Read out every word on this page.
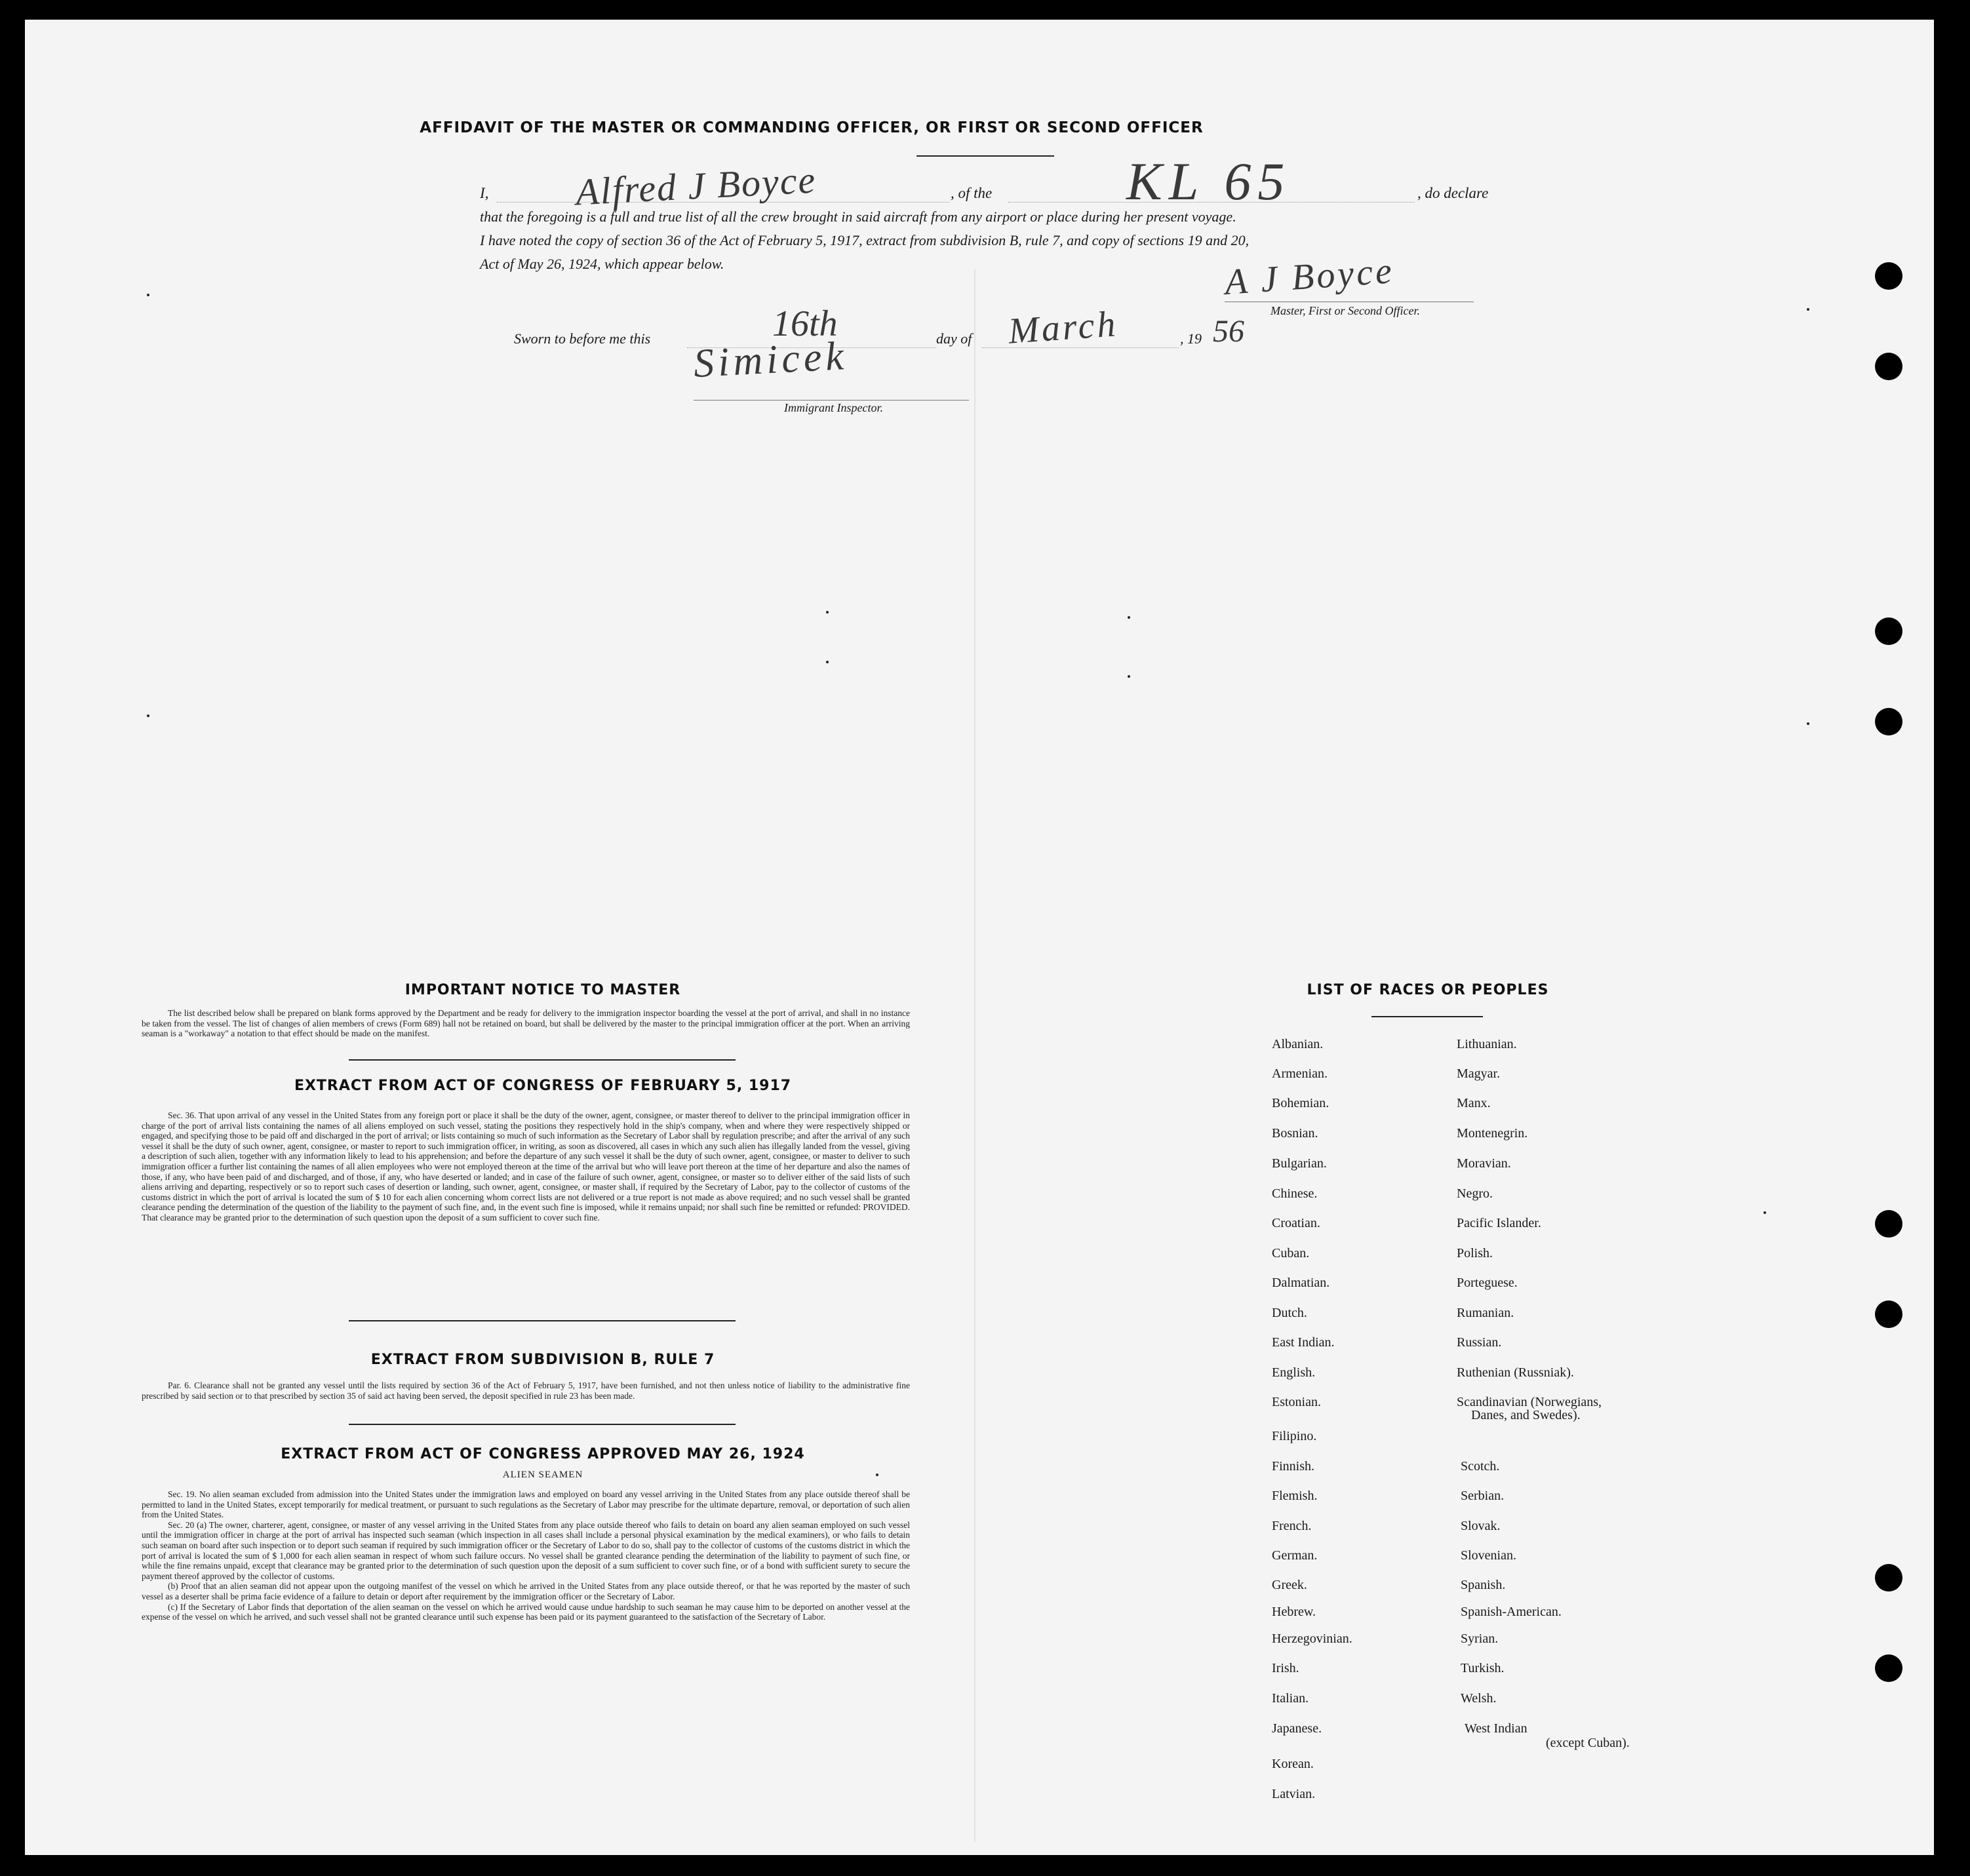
AFFIDAVIT OF THE MASTER OR COMMANDING OFFICER, OR FIRST OR SECOND OFFICER
I, Alfred J Boyce	, of the KL 65	, do declare
that the foregoing is a full and true list of all the crew brought in said aircraft from any airport or place during her present voyage.
I have noted the copy of section 36 of the Act of February 5, 1917, extract from subdivision B, rule 7, and copy of sections 19 and 20,
Act of May 26, 1924, which appear below.	A J Boyce
Master, First or Second Officer.
Sworn to before me this	16th	day of March	, 19 56
Simicek
Immigrant Inspector.
IMPORTANT NOTICE TO MASTER

The list described below shall be prepared on blank forms approved by the Department and be ready for delivery to the immigration inspector boarding the vessel at the port of arrival, and shall in no instance be taken from the vessel. The list of changes of alien members of crews (Form 689) hall not be retained on board, but shall be delivered by the master to the principal immigration officer at the port. When an arriving seaman is a "workaway" a notation to that effect should be made on the manifest.

EXTRACT FROM ACT OF CONGRESS OF FEBRUARY 5, 1917

Sec. 36. That upon arrival of any vessel in the United States from any foreign port or place it shall be the duty of the owner, agent, consignee, or master thereof to deliver to the principal immigration officer in charge of the port of arrival lists containing the names of all aliens employed on such vessel, stating the positions they respectively hold in the ship's company, when and where they were respectively shipped or engaged, and specifying those to be paid off and discharged in the port of arrival; or lists containing so much of such information as the Secretary of Labor shall by regulation prescribe; and after the arrival of any such vessel it shall be the duty of such owner, agent, consignee, or master to report to such immigration officer, in writing, as soon as discovered, all cases in which any such alien has illegally landed from the vessel, giving a description of such alien, together with any information likely to lead to his apprehension; and before the departure of any such vessel it shall be the duty of such owner, agent, consignee, or master to deliver to such immigration officer a further list containing the names of all alien employees who were not employed thereon at the time of the arrival but who will leave port thereon at the time of her departure and also the names of those, if any, who have been paid of and discharged, and of those, if any, who have deserted or landed; and in case of the failure of such owner, agent, consignee, or master so to deliver either of the said lists of such aliens arriving and departing, respectively or so to report such cases of desertion or landing, such owner, agent, consignee, or master shall, if required by the Secretary of Labor, pay to the collector of customs of the customs district in which the port of arrival is located the sum of $ 10 for each alien concerning whom correct lists are not delivered or a true report is not made as above required; and no such vessel shall be granted clearance pending the determination of the question of the liability to the payment of such fine, and, in the event such fine is imposed, while it remains unpaid; nor shall such fine be remitted or refunded: PROVIDED. That clearance may be granted prior to the determination of such question upon the deposit of a sum sufficient to cover such fine.

EXTRACT FROM SUBDIVISION B, RULE 7

Par. 6. Clearance shall not be granted any vessel until the lists required by section 36 of the Act of February 5, 1917, have been furnished, and not then unless notice of liability to the administrative fine prescribed by said section or to that prescribed by section 35 of said act having been served, the deposit specified in rule 23 has been made.

EXTRACT FROM ACT OF CONGRESS APPROVED MAY 26, 1924
ALIEN SEAMEN

Sec. 19. No alien seaman excluded from admission into the United States under the immigration laws and employed on board any vessel arriving in the United States from any place outside thereof shall be permitted to land in the United States, except temporarily for medical treatment, or pursuant to such regulations as the Secretary of Labor may prescribe for the ultimate departure, removal, or deportation of such alien from the United States.

Sec. 20 (a) The owner, charterer, agent, consignee, or master of any vessel arriving in the United States from any place outside thereof who fails to detain on board any alien seaman employed on such vessel until the immigration officer in charge at the port of arrival has inspected such seaman (which inspection in all cases shall include a personal physical examination by the medical examiners), or who fails to detain such seaman on board after such inspection or to deport such seaman if required by such immigration officer or the Secretary of Labor to do so, shall pay to the collector of customs of the customs district in which the port of arrival is located the sum of $ 1,000 for each alien seaman in respect of whom such failure occurs. No vessel shall be granted clearance pending the determination of the liability to payment of such fine, or while the fine remains unpaid, except that clearance may be granted prior to the determination of such question upon the deposit of a sum sufficient to cover such fine, or of a bond with sufficient surety to secure the payment thereof approved by the collector of customs.

(b) Proof that an alien seaman did not appear upon the outgoing manifest of the vessel on which he arrived in the United States from any place outside thereof, or that he was reported by the master of such vessel as a deserter shall be prima facie evidence of a failure to detain or deport after requirement by the immigration officer or the Secretary of Labor.

(c) If the Secretary of Labor finds that deportation of the alien seaman on the vessel on which he arrived would cause undue hardship to such seaman he may cause him to be deported on another vessel at the expense of the vessel on which he arrived, and such vessel shall not be granted clearance until such expense has been paid or its payment guaranteed to the satisfaction of the Secretary of Labor.

LIST OF RACES OR PEOPLES
Albanian.
Armenian.
Bohemian.
Bosnian.
Bulgarian.
Chinese.
Croatian.
Cuban.
Dalmatian.
Dutch.
East Indian.
English.
Estonian.
Filipino.
Finnish.
Flemish.
French.
German.
Greek.
Hebrew.
Herzegovinian.
Irish.
Italian.
Japanese.
Korean.
Latvian.
Lithuanian.
Magyar.
Manx.
Montenegrin.
Moravian.
Negro.
Pacific Islander.
Polish.
Porteguese.
Rumanian.
Russian.
Ruthenian (Russniak).
Scandinavian (Norwegians,
Danes, and Swedes).
Scotch.
Serbian.
Slovak.
Slovenian.
Spanish.
Spanish-American.
Syrian.
Turkish.
Welsh.
West Indian
(except Cuban).
